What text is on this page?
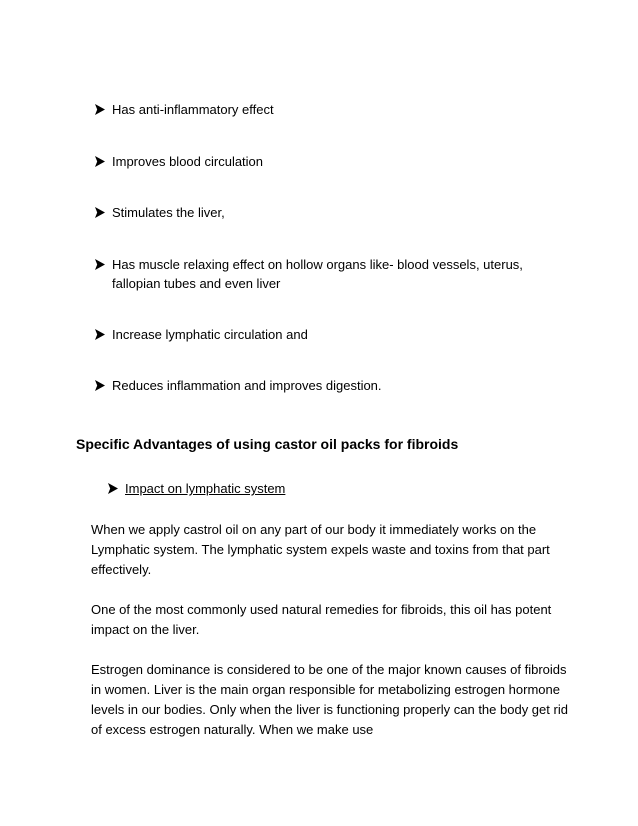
Has anti-inflammatory effect
Improves blood circulation
Stimulates the liver,
Has muscle relaxing effect on hollow organs like- blood vessels, uterus, fallopian tubes and even liver
Increase lymphatic circulation and
Reduces inflammation and improves digestion.
Specific Advantages of using castor oil packs for fibroids
Impact on lymphatic system

When we apply castrol oil on any part of our body it immediately works on the Lymphatic system. The lymphatic system expels waste and toxins from that part effectively.

One of the most commonly used natural remedies for fibroids, this oil has potent impact on the liver.

Estrogen dominance is considered to be one of the major known causes of fibroids in women. Liver is the main organ responsible for metabolizing estrogen hormone levels in our bodies. Only when the liver is functioning properly can the body get rid of excess estrogen naturally. When we make use
